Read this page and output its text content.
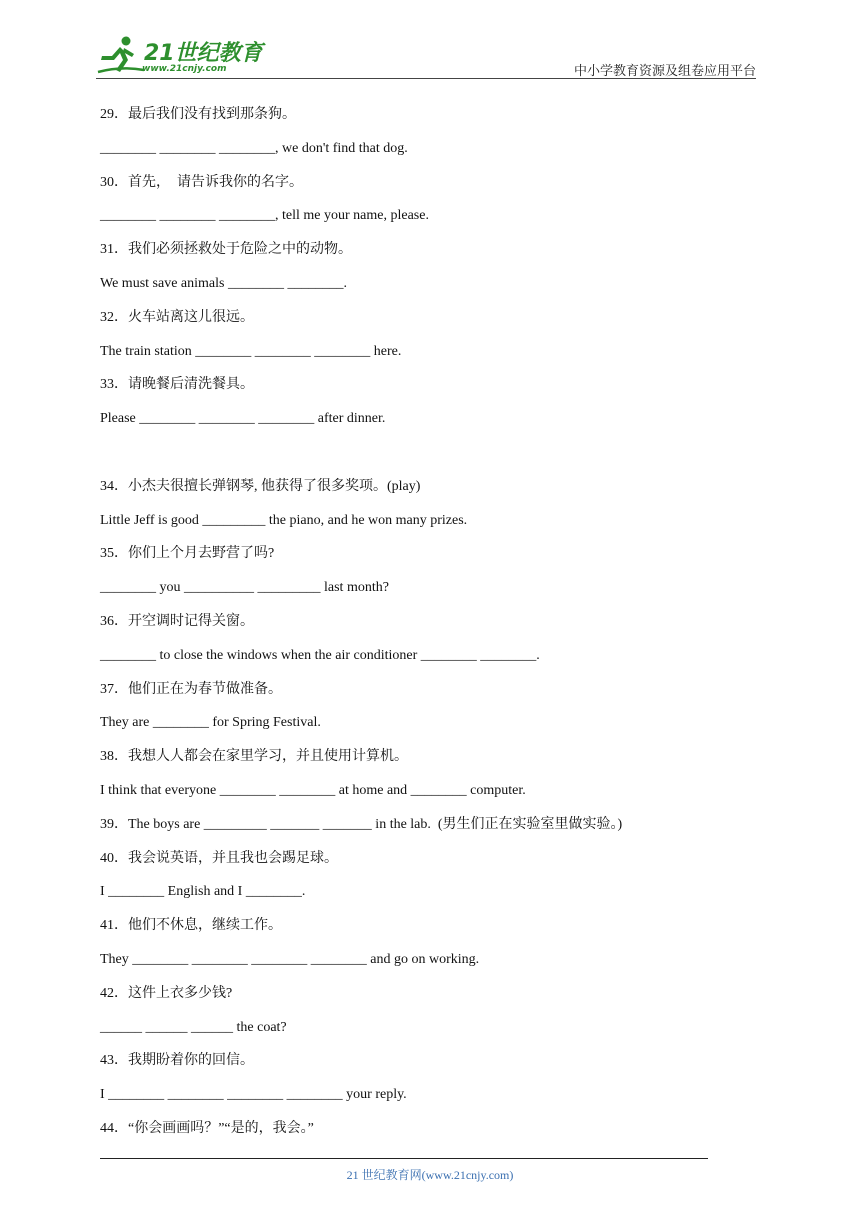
21世纪教育
www.21cnjy.com	中小学教育资源及组卷应用平台
29．最后我们没有找到那条狗。
________ ________ ________, we don't find that dog.
30．首先，  请告诉我你的名字。
________ ________ ________, tell me your name, please.
31．我们必须拯救处于危险之中的动物。
We must save animals ________ ________.
32．火车站离这儿很远。
The train station ________ ________ ________ here.
33．请晚餐后清洗餐具。
Please ________ ________ ________ after dinner.
34．小杰夫很擅长弹钢琴, 他获得了很多奖项。(play)
Little Jeff is good _________ the piano, and he won many prizes.
35．你们上个月去野营了吗?
________ you __________ _________ last month?
36．开空调时记得关窗。
________ to close the windows when the air conditioner ________ ________.
37．他们正在为春节做准备。
They are ________ for Spring Festival.
38．我想人人都会在家里学习，并且使用计算机。
I think that everyone ________ ________ at home and ________ computer.
39．The boys are _________ _______ _______ in the lab.  (男生们正在实验室里做实验。)
40．我会说英语，并且我也会踢足球。
I ________ English and I ________.
41．他们不休息，继续工作。
They ________ ________ ________ ________ and go on working.
42．这件上衣多少钱?
______ ______ ______ the coat?
43．我期盼着你的回信。
I ________ ________ ________ ________ your reply.
44．“你会画画吗？”“是的，我会。”
21 世纪教育网(www.21cnjy.com)
